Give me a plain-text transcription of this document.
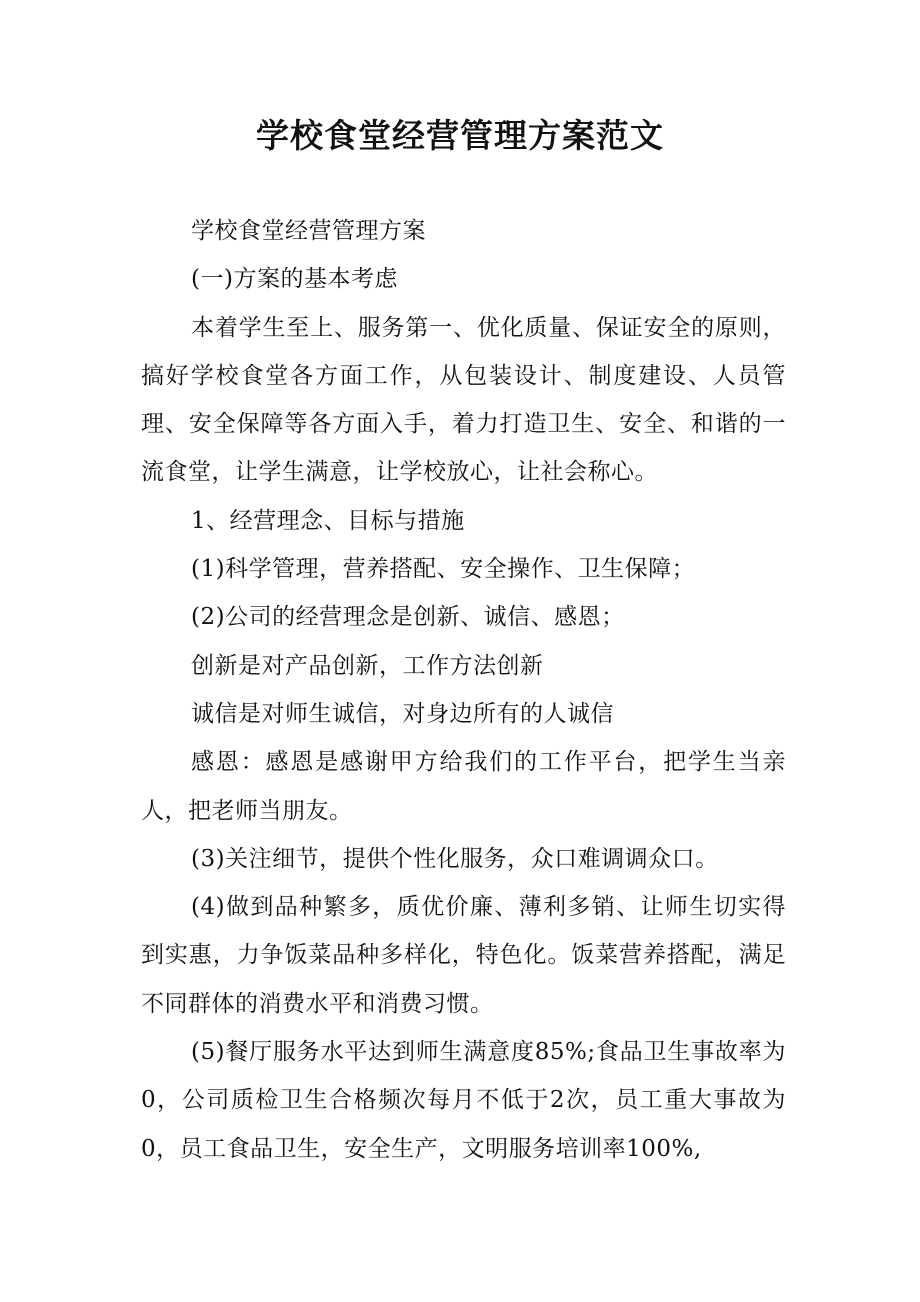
学校食堂经营管理方案范文

学校食堂经营管理方案

(一)方案的基本考虑

本着学生至上、服务第一、优化质量、保证安全的原则，搞好学校食堂各方面工作，从包装设计、制度建设、人员管理、安全保障等各方面入手，着力打造卫生、安全、和谐的一流食堂，让学生满意，让学校放心，让社会称心。

1、经营理念、目标与措施

(1)科学管理，营养搭配、安全操作、卫生保障；

(2)公司的经营理念是创新、诚信、感恩；

创新是对产品创新，工作方法创新

诚信是对师生诚信，对身边所有的人诚信

感恩：感恩是感谢甲方给我们的工作平台，把学生当亲人，把老师当朋友。

(3)关注细节，提供个性化服务，众口难调调众口。

(4)做到品种繁多，质优价廉、薄利多销、让师生切实得到实惠，力争饭菜品种多样化，特色化。饭菜营养搭配，满足不同群体的消费水平和消费习惯。

(5)餐厅服务水平达到师生满意度85%;食品卫生事故率为0，公司质检卫生合格频次每月不低于2次，员工重大事故为0，员工食品卫生，安全生产，文明服务培训率100%,
